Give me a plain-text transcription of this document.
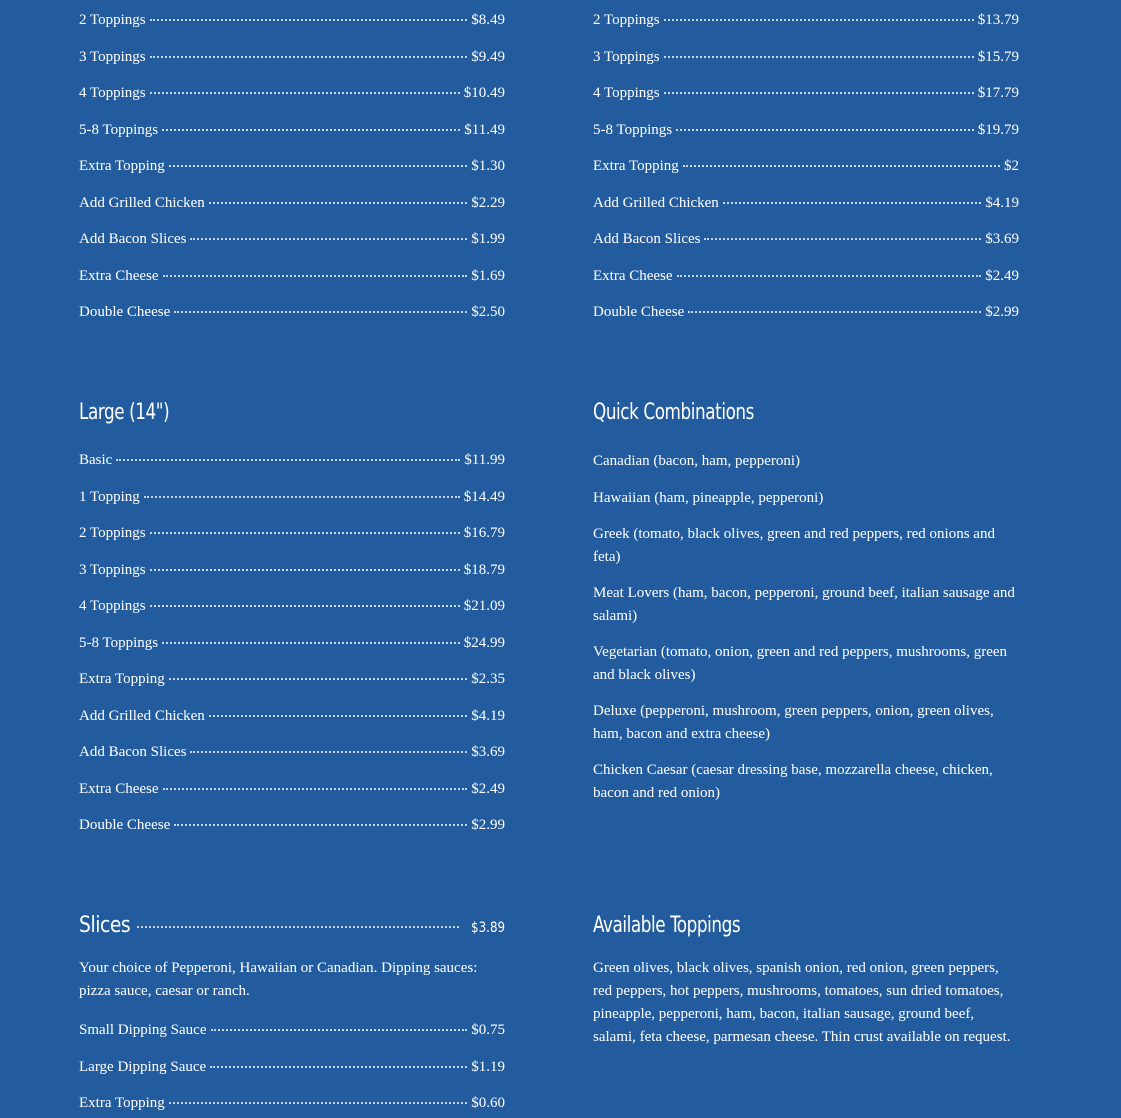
2 Toppings	$8.49
3 Toppings	$9.49
4 Toppings	$10.49
5-8 Toppings	$11.49
Extra Topping	$1.30
Add Grilled Chicken	$2.29
Add Bacon Slices	$1.99
Extra Cheese	$1.69
Double Cheese	$2.50
Large (14")
Basic	$11.99
1 Topping	$14.49
2 Toppings	$16.79
3 Toppings	$18.79
4 Toppings	$21.09
5-8 Toppings	$24.99
Extra Topping	$2.35
Add Grilled Chicken	$4.19
Add Bacon Slices	$3.69
Extra Cheese	$2.49
Double Cheese	$2.99
Slices	$3.89
Your choice of Pepperoni, Hawaiian or Canadian. Dipping sauces: pizza sauce, caesar or ranch.
Small Dipping Sauce	$0.75
Large Dipping Sauce	$1.19
Extra Topping	$0.60
2 Toppings	$13.79
3 Toppings	$15.79
4 Toppings	$17.79
5-8 Toppings	$19.79
Extra Topping	$2
Add Grilled Chicken	$4.19
Add Bacon Slices	$3.69
Extra Cheese	$2.49
Double Cheese	$2.99
Quick Combinations
Canadian (bacon, ham, pepperoni)
Hawaiian (ham, pineapple, pepperoni)
Greek (tomato, black olives, green and red peppers, red onions and feta)
Meat Lovers (ham, bacon, pepperoni, ground beef, italian sausage and salami)
Vegetarian (tomato, onion, green and red peppers, mushrooms, green and black olives)
Deluxe (pepperoni, mushroom, green peppers, onion, green olives, ham, bacon and extra cheese)
Chicken Caesar (caesar dressing base, mozzarella cheese, chicken, bacon and red onion)
Available Toppings
Green olives, black olives, spanish onion, red onion, green peppers, red peppers, hot peppers, mushrooms, tomatoes, sun dried tomatoes, pineapple, pepperoni, ham, bacon, italian sausage, ground beef, salami, feta cheese, parmesan cheese. Thin crust available on request.
